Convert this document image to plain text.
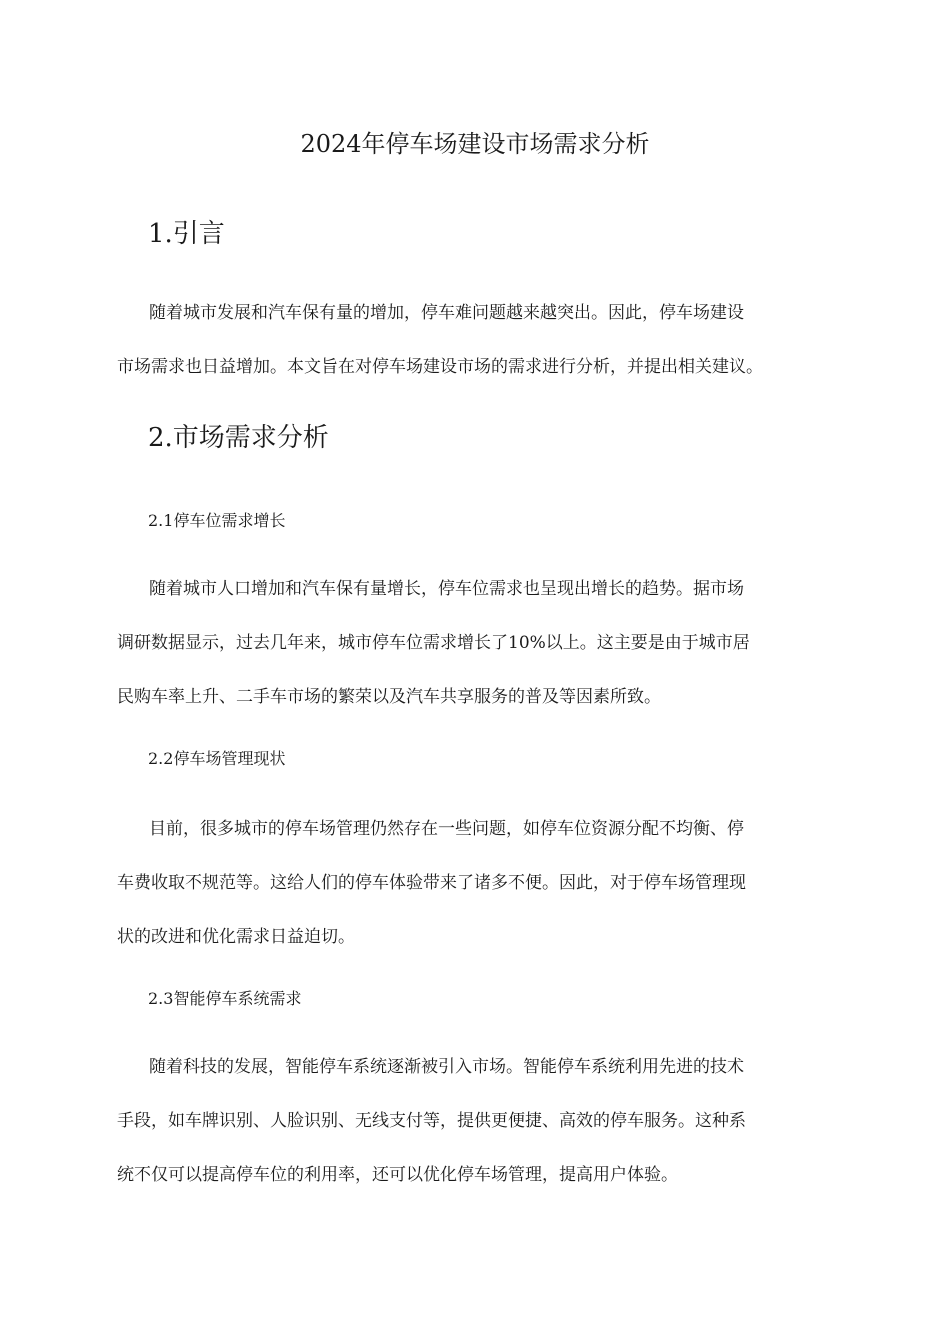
2024年停车场建设市场需求分析
1.引言
随着城市发展和汽车保有量的增加，停车难问题越来越突出。因此，停车场建设
市场需求也日益增加。本文旨在对停车场建设市场的需求进行分析，并提出相关建议。
2.市场需求分析
2.1停车位需求增长
随着城市人口增加和汽车保有量增长，停车位需求也呈现出增长的趋势。据市场
调研数据显示，过去几年来，城市停车位需求增长了10%以上。这主要是由于城市居
民购车率上升、二手车市场的繁荣以及汽车共享服务的普及等因素所致。
2.2停车场管理现状
目前，很多城市的停车场管理仍然存在一些问题，如停车位资源分配不均衡、停
车费收取不规范等。这给人们的停车体验带来了诸多不便。因此，对于停车场管理现
状的改进和优化需求日益迫切。
2.3智能停车系统需求
随着科技的发展，智能停车系统逐渐被引入市场。智能停车系统利用先进的技术
手段，如车牌识别、人脸识别、无线支付等，提供更便捷、高效的停车服务。这种系
统不仅可以提高停车位的利用率，还可以优化停车场管理，提高用户体验。
